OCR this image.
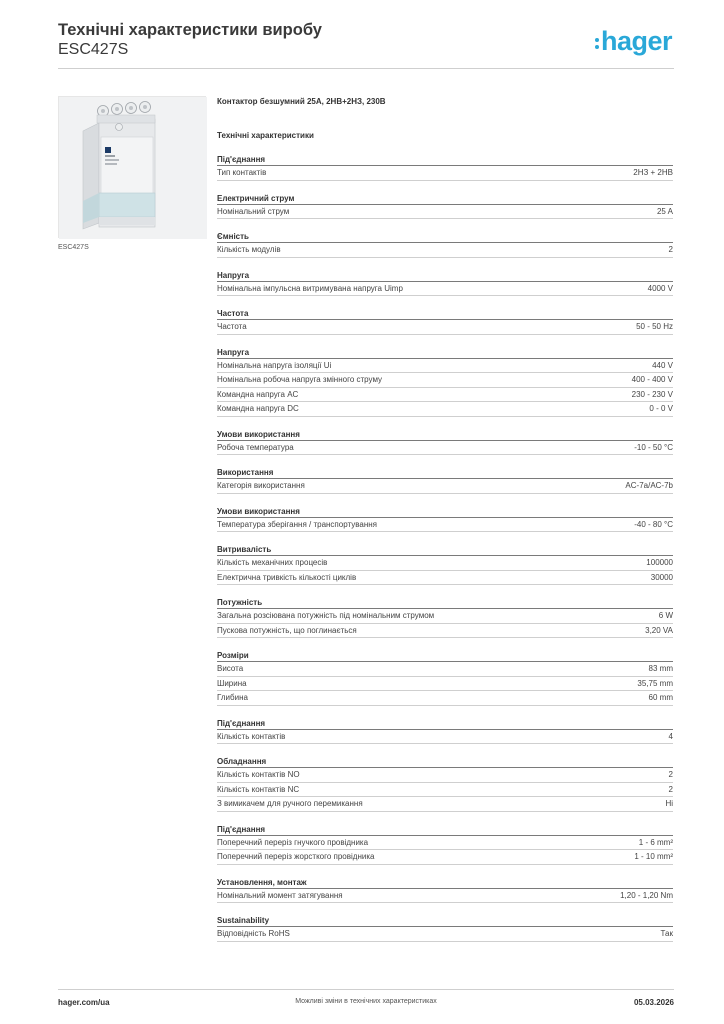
Технічні характеристики виробу
ESC427S	hager
ESC427S
Контактор безшумний 25А, 2НВ+2НЗ, 230В
Технічні характеристики
Під'єднання
Тип контактів	2НЗ + 2НВ
Електричний струм
Номінальний струм	25 A
Ємність
Кількість модулів	2
Напруга
Номінальна імпульсна витримувана напруга Uimp	4000 V
Частота
Частота	50 - 50 Hz
Напруга
Номінальна напруга ізоляції Ui	440 V
Номінальна робоча напруга змінного струму	400 - 400 V
Командна напруга AC	230 - 230 V
Командна напруга DC	0 - 0 V
Умови використання
Робоча температура	-10 - 50 °C
Використання
Категорія використання	AC-7a/AC-7b
Умови використання
Температура зберігання / транспортування	-40 - 80 °C
Витривалість
Кількість механічних процесів	100000
Електрична тривкість кількості циклів	30000
Потужність
Загальна розсіювана потужність під номінальним струмом	6 W
Пускова потужність, що поглинається	3,20 VA
Розміри
Висота	83 mm
Ширина	35,75 mm
Глибина	60 mm
Під'єднання
Кількість контактів	4
Обладнання
Кількість контактів NO	2
Кількість контактів NC	2
З вимикачем для ручного перемикання	Ні
Під'єднання
Поперечний переріз гнучкого провідника	1 - 6 mm²
Поперечний переріз жорсткого провідника	1 - 10 mm²
Установлення, монтаж
Номінальний момент затягування	1,20 - 1,20 Nm
Sustainability
Відповідність RoHS	Так
hager.com/ua	Можливі зміни в технічних характеристиках	05.03.2026
